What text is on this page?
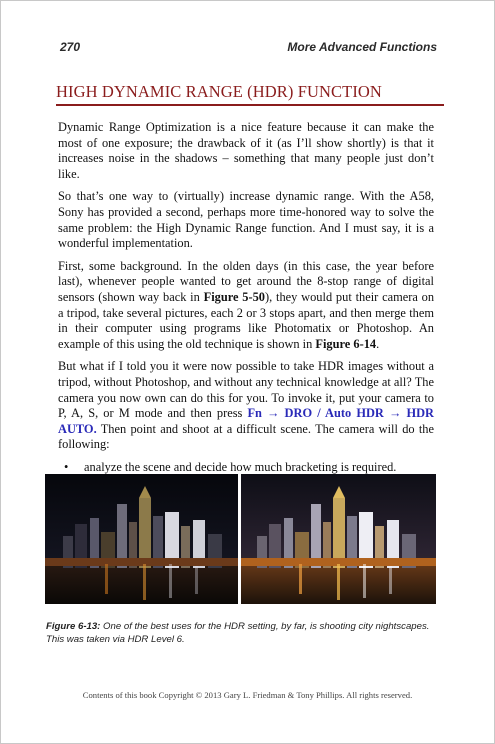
270	More Advanced Functions
HIGH DYNAMIC RANGE (HDR) FUNCTION

Dynamic Range Optimization is a nice feature because it can make the most of one exposure; the drawback of it (as I’ll show shortly) is that it increases noise in the shadows – something that many people just don’t like.

So that’s one way to (virtually) increase dynamic range. With the A58, Sony has provided a second, perhaps more time-honored way to solve the same problem: the High Dynamic Range function. And I must say, it is a wonderful implementation.

First, some background. In the olden days (in this case, the year before last), whenever people wanted to get around the 8-stop range of digital sensors (shown way back in Figure 5-50), they would put their camera on a tripod, take several pictures, each 2 or 3 stops apart, and then merge them in their computer using programs like Photomatix or Photoshop. An example of this using the old technique is shown in Figure 6-14.

But what if I told you it were now possible to take HDR images without a tripod, without Photoshop, and without any technical knowledge at all? The camera you now own can do this for you. To invoke it, put your camera to P, A, S, or M mode and then press Fn → DRO / Auto HDR → HDR AUTO. Then point and shoot at a difficult scene. The camera will do the following:

• analyze the scene and decide how much bracketing is required.
Figure 6-13: One of the best uses for the HDR setting, by far, is shooting city nightscapes. This was taken via HDR Level 6.
Contents of this book Copyright © 2013 Gary L. Friedman & Tony Phillips. All rights reserved.
